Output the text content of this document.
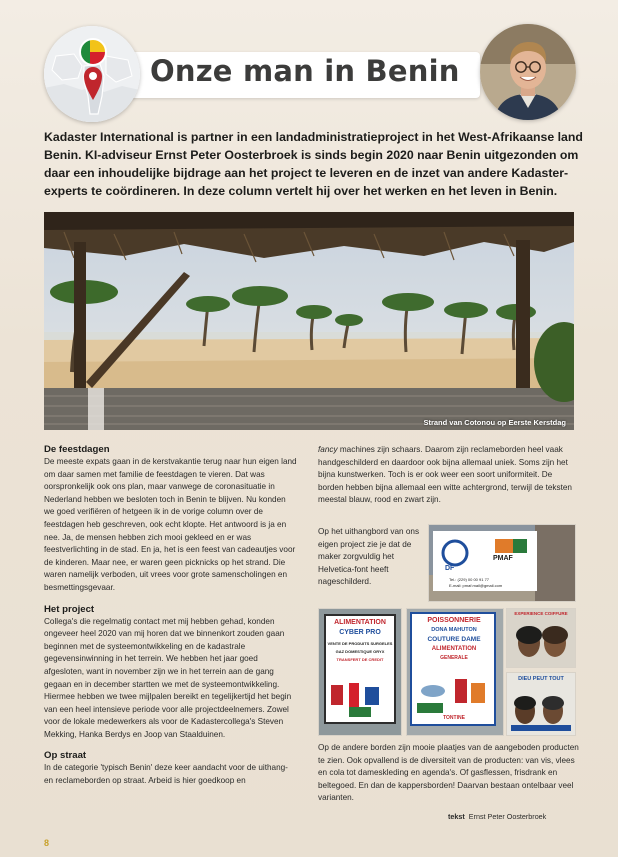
Onze man in Benin

Kadaster International is partner in een landadministratieproject in het West-Afrikaanse land Benin. KI-adviseur Ernst Peter Oosterbroek is sinds begin 2020 naar Benin uitgezonden om daar een inhoudelijke bijdrage aan het project te leveren en de inzet van andere Kadaster-experts te coördineren. In deze column vertelt hij over het werken en het leven in Benin.

Strand van Cotonou op Eerste Kerstdag
De feestdagen

De meeste expats gaan in de kerstvakantie terug naar hun eigen land om daar samen met familie de feestdagen te vieren. Dat was oorspronkelijk ook ons plan, maar vanwege de coronasituatie in Nederland hebben we besloten toch in Benin te blijven. Nu konden we goed verifiëren of hetgeen ik in de vorige column over de feestdagen heb geschreven, ook echt klopte. Het antwoord is ja en nee. Ja, de mensen hebben zich mooi gekleed en er was feestverlichting in de stad. En ja, het is een feest van cadeautjes voor de kinderen. Maar nee, er waren geen picknicks op het strand. Die waren namelijk verboden, uit vrees voor grote samenscholingen en besmettingsgevaar.

Het project

Collega's die regelmatig contact met mij hebben gehad, konden ongeveer heel 2020 van mij horen dat we binnenkort zouden gaan beginnen met de systeemontwikkeling en de kadastrale gegevensinwinning in het terrein. We hebben het jaar goed afgesloten, want in november zijn we in het terrein aan de gang gegaan en in december startten we met de systeemontwikkeling. Hiermee hebben we twee mijlpalen bereikt en tegelijkertijd het begin van een heel intensieve periode voor alle projectdeelnemers. Zowel voor de lokale medewerkers als voor de Kadastercollega's Steven Mekking, Hanka Berdys en Joop van Staalduinen.

Op straat

In de categorie 'typisch Benin' deze keer aandacht voor de uithang- en reclameborden op straat. Arbeid is hier goedkoop en

fancy machines zijn schaars. Daarom zijn reclameborden heel vaak handgeschilderd en daardoor ook bijna allemaal uniek. Soms zijn het bijna kunstwerken. Toch is er ook weer een soort uniformiteit. De borden hebben bijna allemaal een witte achtergrond, terwijl de teksten meestal blauw, rood en zwart zijn.

Op het uithangbord van ons eigen project zie je dat de maker zorgvuldig het Helvetica-font heeft nageschilderd.

Op de andere borden zijn mooie plaatjes van de aangeboden producten te zien. Ook opvallend is de diversiteit van de producten: van vis, vlees en cola tot dameskleding en agenda's. Of gasflessen, frisdrank en beltegoed. En dan de kappersborden! Daarvan bestaan ontelbaar veel varianten.

DF
PMAF
Tel.: (229) 00 00 91 77
E-mail: pmaf.mail@gmail.com
ALIMENTATION
CYBER PRO
VENTE DE PRODUITS SURGELES
GAZ DOMESTIQUE ORYX
TRANSFERT DE CREDIT
POISSONNERIE
DONA MAHUTON
COUTURE DAME
ALIMENTATION
GENERALE
TONTINE
EXPERIENCE COIFFURE
DIEU PEUT TOUT
tekst Ernst Peter Oosterbroek
8
